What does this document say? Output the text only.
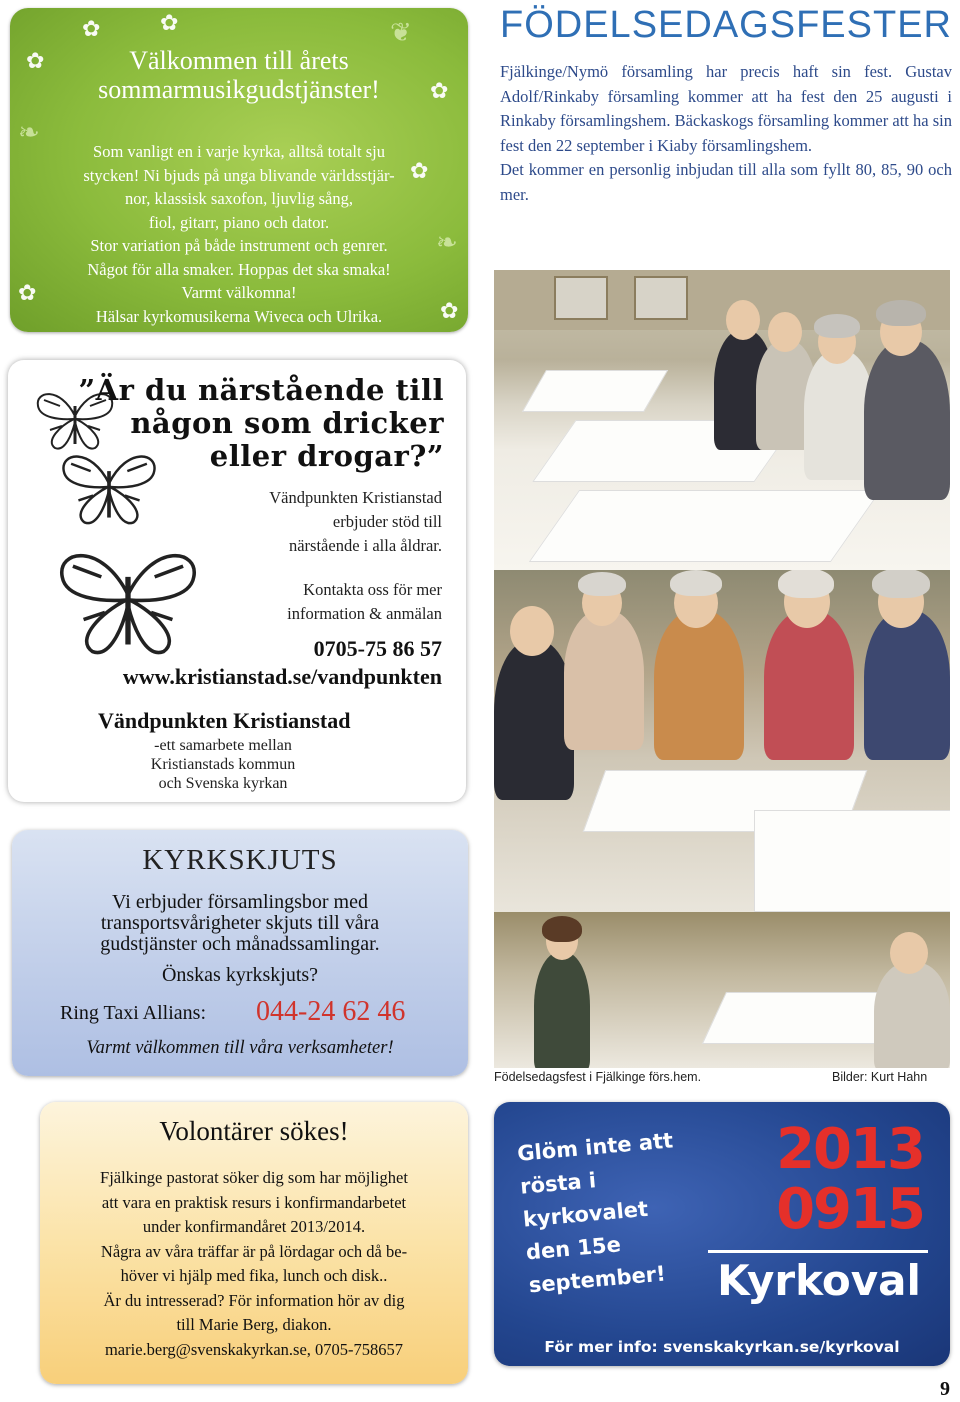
✿	✿
✿
✿
✿
✿
✿
❧
❦
❧
Välkommen till årets
sommarmusikgudstjänster!
Som vanligt en i varje kyrka, alltså totalt sju
stycken! Ni bjuds på unga blivande världsstjär-
nor, klassisk saxofon, ljuvlig sång,
fiol, gitarr, piano och dator.
Stor variation på både instrument och genrer.
Något för alla smaker. Hoppas det ska smaka!
Varmt välkomna!
Hälsar kyrkomusikerna Wiveca och Ulrika.
FÖDELSEDAGSFESTER
Fjälkinge/Nymö församling har precis haft sin fest. Gustav Adolf/Rinkaby församling kommer att ha fest den 25 augusti i Rinkaby församlingshem. Bäckaskogs församling kommer att ha sin fest den 22 september i Kiaby församlingshem.
Det kommer en personlig inbjudan till alla som fyllt 80, 85, 90 och mer.
Födelsedagsfest i Fjälkinge förs.hem.	Bilder: Kurt Hahn
”Är du närstående till
någon som dricker
eller drogar?”
Vändpunkten Kristianstad
erbjuder stöd till
närstående i alla åldrar.
Kontakta oss för mer
information & anmälan
0705-75 86 57
www.kristianstad.se/vandpunkten
Vändpunkten Kristianstad
-ett samarbete mellan
Kristianstads kommun
och Svenska kyrkan
KYRKSKJUTS
Vi erbjuder församlingsbor med
transportsvårigheter skjuts till våra
gudstjänster och månadssamlingar.
Önskas kyrkskjuts?
Ring Taxi Allians: 044-24 62 46
Varmt välkommen till våra verksamheter!
Volontärer sökes!
Fjälkinge pastorat söker dig som har möjlighet
att vara en praktisk resurs i konfirmandarbetet
under konfirmandåret 2013/2014.
Några av våra träffar är på lördagar och då be-
höver vi hjälp med fika, lunch och disk..
Är du intresserad? För information hör av dig
till Marie Berg, diakon.
marie.berg@svenskakyrkan.se, 0705-758657
Glöm inte att
rösta i
kyrkovalet
den 15e
september!
2013
0915
Kyrkoval
För mer info: svenskakyrkan.se/kyrkoval
9
